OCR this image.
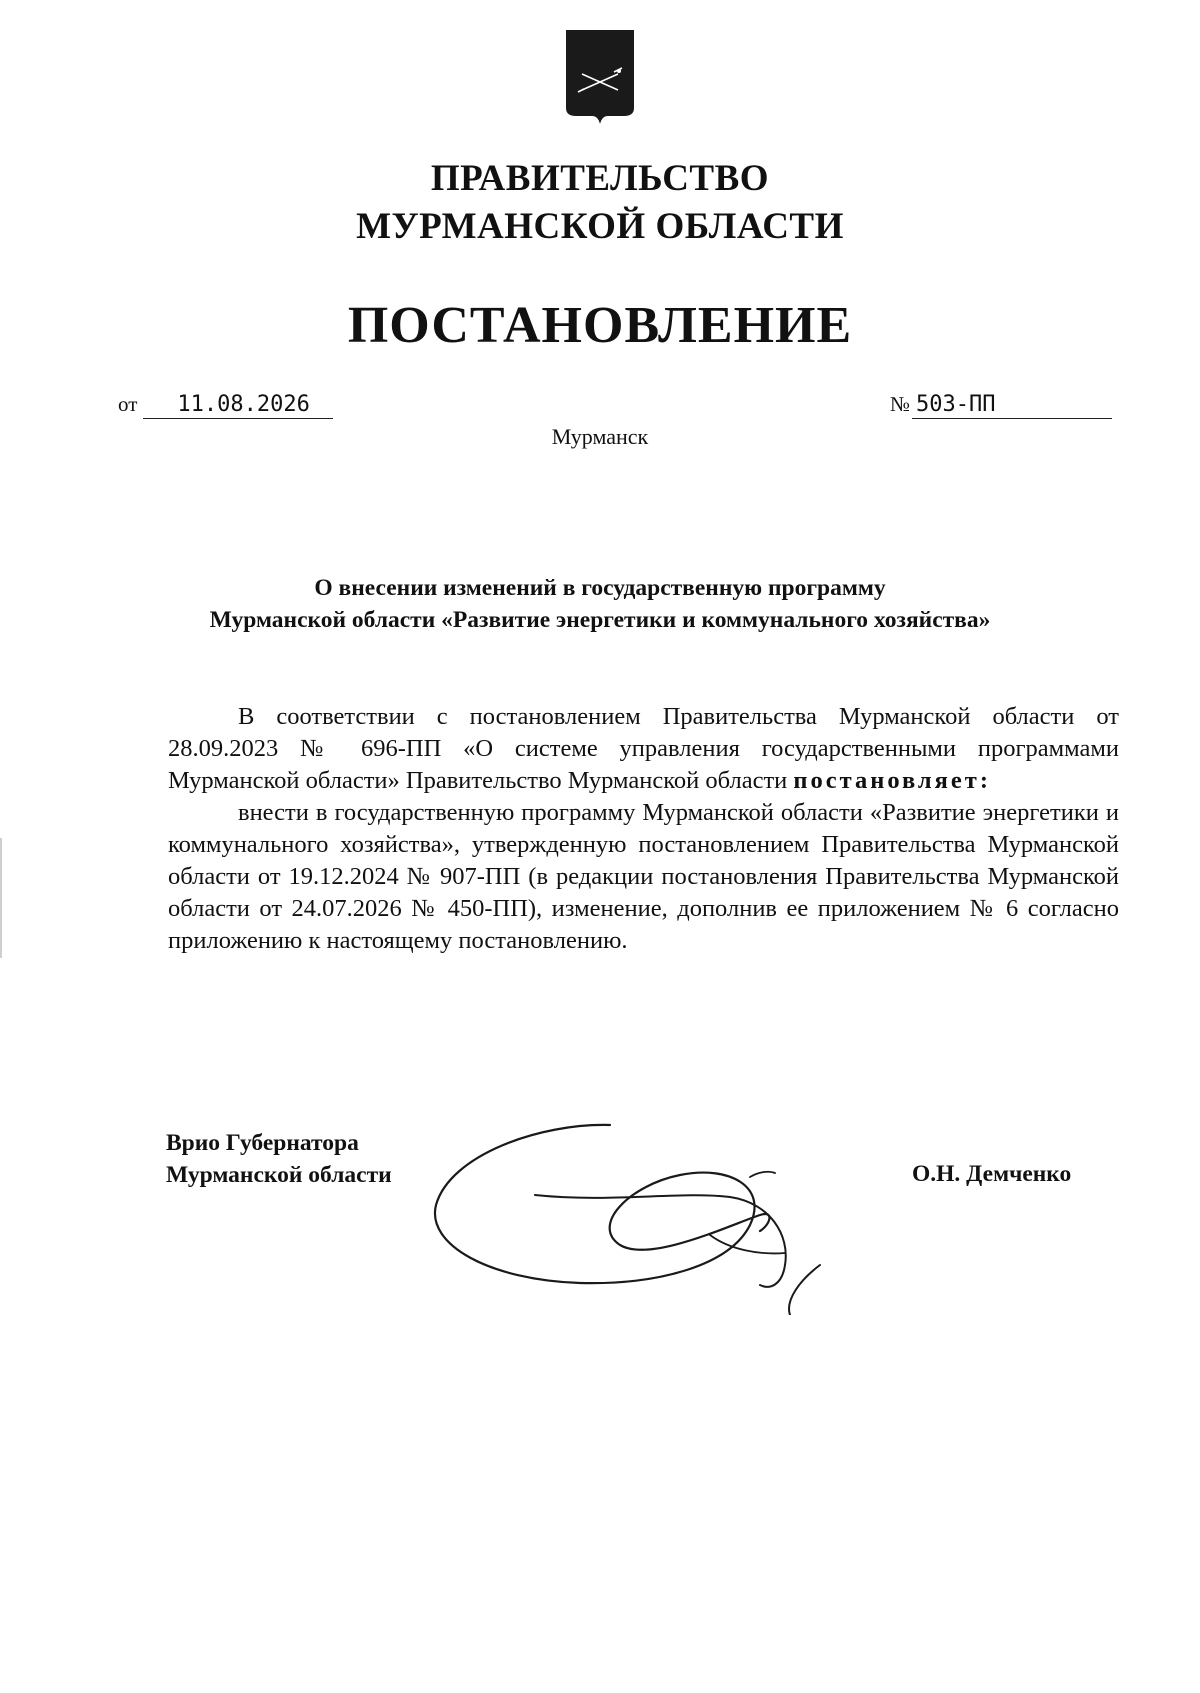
ПРАВИТЕЛЬСТВО
МУРМАНСКОЙ ОБЛАСТИ
ПОСТАНОВЛЕНИЕ
от	11.08.2026	№ 503-ПП
Мурманск
О внесении изменений в государственную программу
Мурманской области «Развитие энергетики и коммунального хозяйства»

В соответствии с постановлением Правительства Мурманской области от 28.09.2023 № 696-ПП «О системе управления государственными программами Мурманской области» Правительство Мурманской области постановляет:

внести в государственную программу Мурманской области «Развитие энергетики и коммунального хозяйства», утвержденную постановлением Правительства Мурманской области от 19.12.2024 № 907-ПП (в редакции постановления Правительства Мурманской области от 24.07.2026 № 450-ПП), изменение, дополнив ее приложением № 6 согласно приложению к настоящему постановлению.

Врио Губернатора
Мурманской области	О.Н. Демченко
